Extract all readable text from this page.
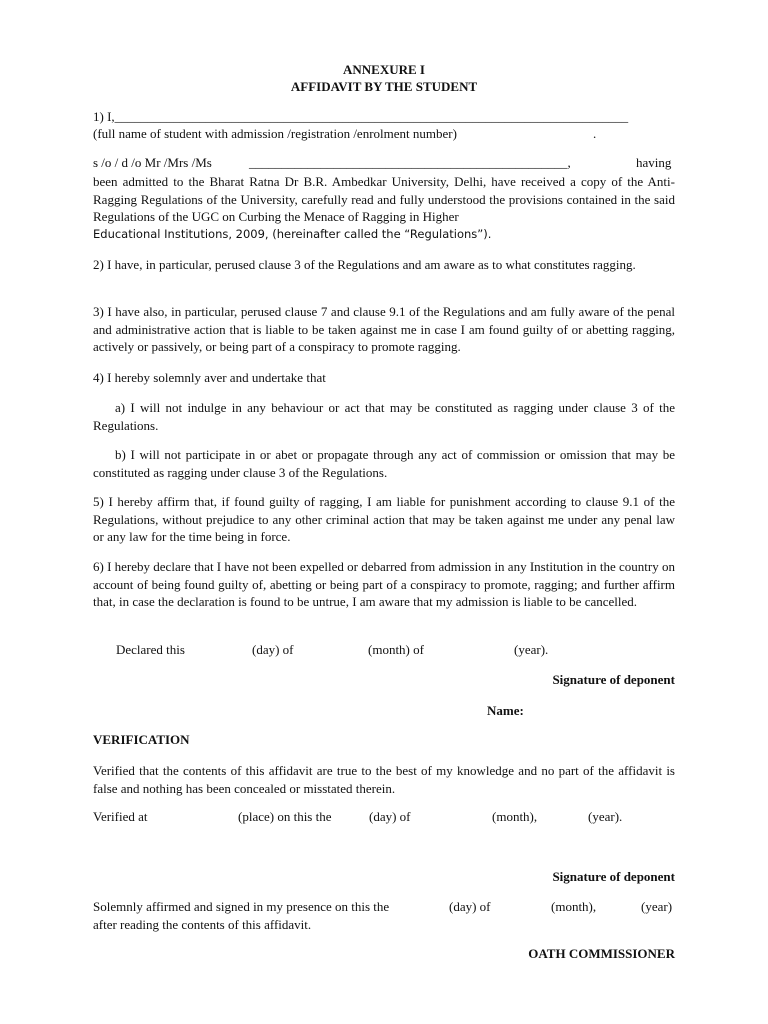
ANNEXURE I
AFFIDAVIT BY THE STUDENT
1) I,_______________________________________________________________________________
(full name of student with admission /registration /enrolment number)	.
s /o / d /o Mr /Mrs /Ms	_________________________________________________,	having

been admitted to the Bharat Ratna Dr B.R. Ambedkar University, Delhi, have received a copy of the Anti-Ragging Regulations of the University, carefully read and fully understood the provisions contained in the said Regulations of the UGC on Curbing the Menace of Ragging in Higher

Educational Institutions, 2009, (hereinafter called the “Regulations”).

2) I have, in particular, perused clause 3 of the Regulations and am aware as to what constitutes ragging.

3) I have also, in particular, perused clause 7 and clause 9.1 of the Regulations and am fully aware of the penal and administrative action that is liable to be taken against me in case I am found guilty of or abetting ragging, actively or passively, or being part of a conspiracy to promote ragging.

4) I hereby solemnly aver and undertake that

a) I will not indulge in any behaviour or act that may be constituted as ragging under clause 3 of the Regulations.

b) I will not participate in or abet or propagate through any act of commission or omission that may be constituted as ragging under clause 3 of the Regulations.

5) I hereby affirm that, if found guilty of ragging, I am liable for punishment according to clause 9.1 of the Regulations, without prejudice to any other criminal action that may be taken against me under any penal law or any law for the time being in force.

6) I hereby declare that I have not been expelled or debarred from admission in any Institution in the country on account of being found guilty of, abetting or being part of a conspiracy to promote, ragging; and further affirm that, in case the declaration is found to be untrue, I am aware that my admission is liable to be cancelled.

Declared this	(day) of	(month) of	(year).
Signature of deponent
Name:
VERIFICATION

Verified that the contents of this affidavit are true to the best of my knowledge and no part of the affidavit is false and nothing has been concealed or misstated therein.

Verified at	(place) on this the	(day) of	(month),	(year).
Signature of deponent
Solemnly affirmed and signed in my presence on this the	(day) of	(month),	(year)
after reading the contents of this affidavit.
OATH COMMISSIONER
